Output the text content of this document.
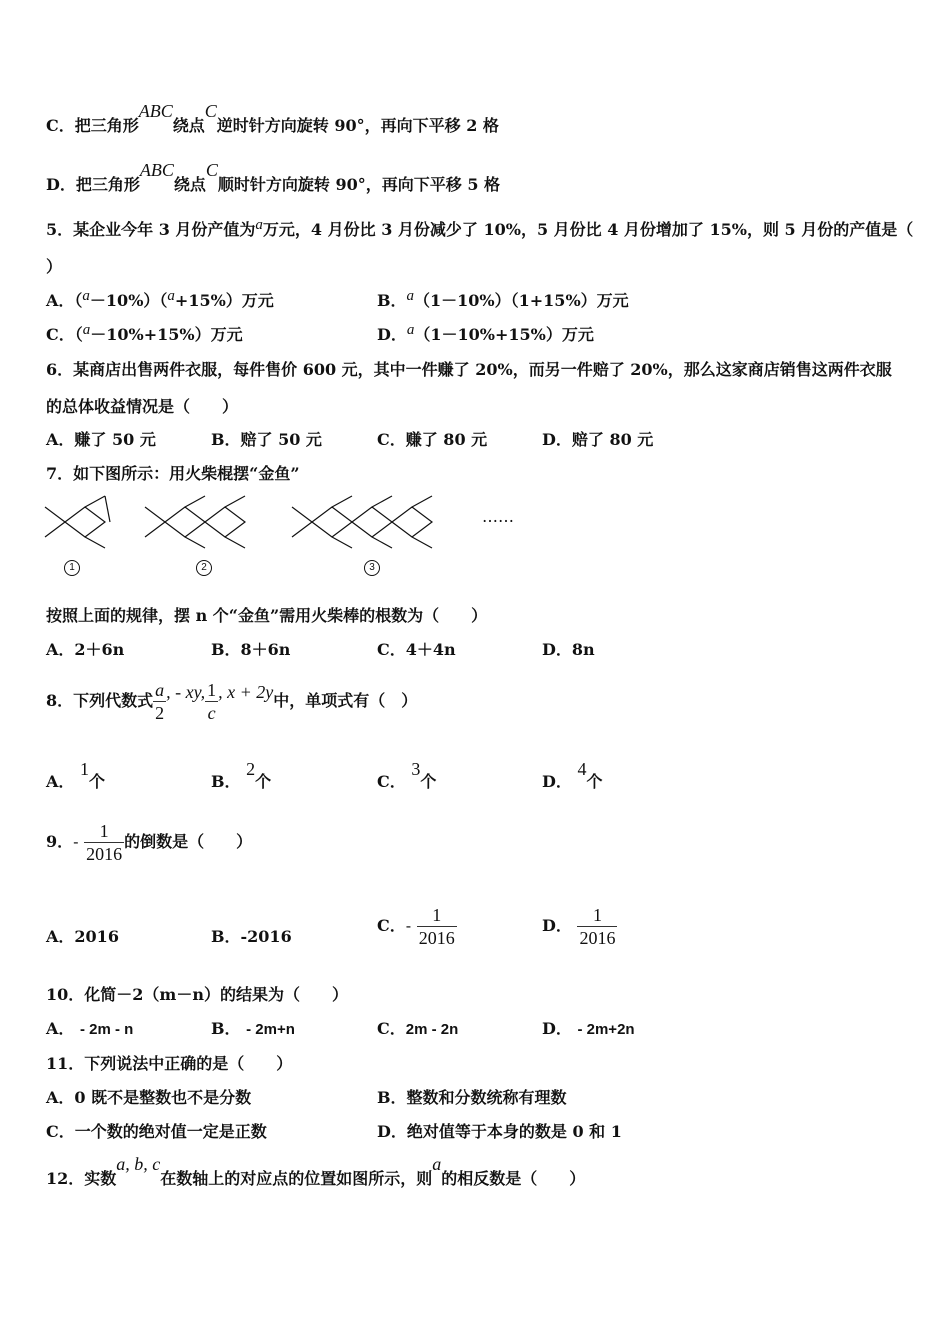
C．把三角形ABC绕点C逆时针方向旋转 90°，再向下平移 2 格
D．把三角形ABC绕点C顺时针方向旋转 90°，再向下平移 5 格
5．某企业今年 3 月份产值为a万元，4 月份比 3 月份减少了 10%，5 月份比 4 月份增加了 15%，则 5 月份的产值是（
）
A．（a－10%）（a+15%）万元	B．a（1－10%）（1+15%）万元
C．（a－10%+15%）万元	D．a（1－10%+15%）万元
6．某商店出售两件衣服，每件售价 600 元，其中一件赚了 20%，而另一件赔了 20%，那么这家商店销售这两件衣服
的总体收益情况是（　　）
A．赚了 50 元	B．赔了 50 元	C．赚了 80 元	D．赔了 80 元
7．如下图所示：用火柴棍摆“金鱼”
……
1	2	3
按照上面的规律，摆 n 个“金鱼”需用火柴棒的根数为（　　）
A．2＋6n	B．8＋6n	C．4＋4n	D．8n
8．下列代数式 $\frac{a}{2}$ , - xy, $\frac{1}{c}$ , x + 2y中，单项式有（　）
A． 1个	B． 2个	C． 3个	D． 4个
9．- $\frac{1}{2016}$ 的倒数是（　　）
A．2016	B．-2016
C．- $\frac{1}{2016}$	D． $\frac{1}{2016}$
10．化简－2（m－n）的结果为（　　）
A． - 2m - n	B． - 2m+n	C．2m - 2n	D． - 2m+2n
11．下列说法中正确的是（　　）
A．0 既不是整数也不是分数	B．整数和分数统称有理数
C．一个数的绝对值一定是正数	D．绝对值等于本身的数是 0 和 1
12．实数a, b, c在数轴上的对应点的位置如图所示，则a的相反数是（　　）
